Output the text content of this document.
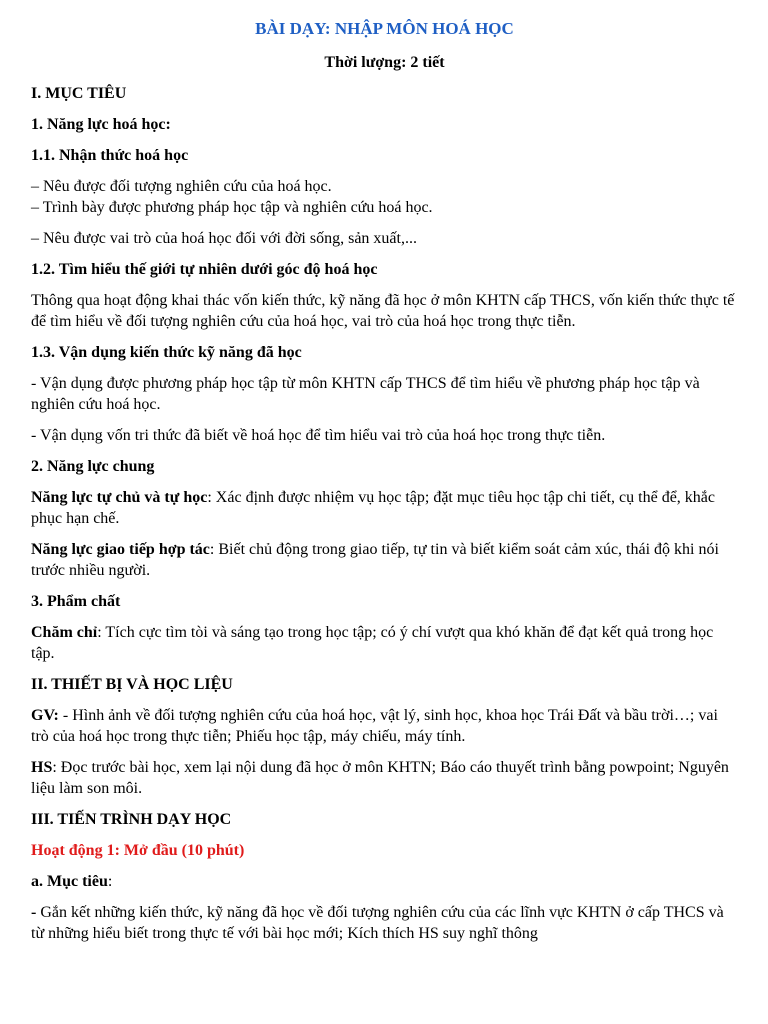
BÀI DẠY: NHẬP MÔN HOÁ HỌC
Thời lượng: 2 tiết
I. MỤC TIÊU
1. Năng lực hoá học:
1.1. Nhận thức hoá học
– Nêu được đối tượng nghiên cứu của hoá học.
– Trình bày được phương pháp học tập và nghiên cứu hoá học.
– Nêu được vai trò của hoá học đối với đời sống, sản xuất,...
1.2. Tìm hiểu thế giới tự nhiên dưới góc độ hoá học
Thông qua hoạt động khai thác vốn kiến thức, kỹ năng đã học ở môn KHTN cấp THCS, vốn kiến thức thực tế để tìm hiểu về đối tượng nghiên cứu của hoá học, vai trò của hoá học trong thực tiễn.
1.3. Vận dụng kiến thức kỹ năng đã học
- Vận dụng được phương pháp học tập từ môn KHTN cấp THCS để tìm hiểu về phương pháp học tập và nghiên cứu hoá học.
- Vận dụng vốn tri thức đã biết về hoá học để tìm hiểu vai trò của hoá học trong thực tiễn.
2. Năng lực chung
Năng lực tự chủ và tự học: Xác định được nhiệm vụ học tập; đặt mục tiêu học tập chi tiết, cụ thể để, khắc phục hạn chế.
Năng lực giao tiếp hợp tác: Biết chủ động trong giao tiếp, tự tin và biết kiểm soát cảm xúc, thái độ khi nói trước nhiều người.
3. Phẩm chất
Chăm chỉ: Tích cực tìm tòi và sáng tạo trong học tập; có ý chí vượt qua khó khăn để đạt kết quả trong học tập.
II. THIẾT BỊ VÀ HỌC LIỆU
GV: - Hình ảnh về đối tượng nghiên cứu của hoá học, vật lý, sinh học, khoa học Trái Đất và bầu trời…; vai trò của hoá học trong thực tiễn; Phiếu học tập, máy chiếu, máy tính.
HS: Đọc trước bài học, xem lại nội dung đã học ở môn KHTN; Báo cáo thuyết trình bằng powpoint; Nguyên liệu làm son môi.
III. TIẾN TRÌNH DẠY HỌC
Hoạt động 1: Mở đầu (10 phút)
a. Mục tiêu:
- Gắn kết những kiến thức, kỹ năng đã học về đối tượng nghiên cứu của các lĩnh vực KHTN ở cấp THCS và từ những hiểu biết trong thực tế với bài học mới; Kích thích HS suy nghĩ thông
